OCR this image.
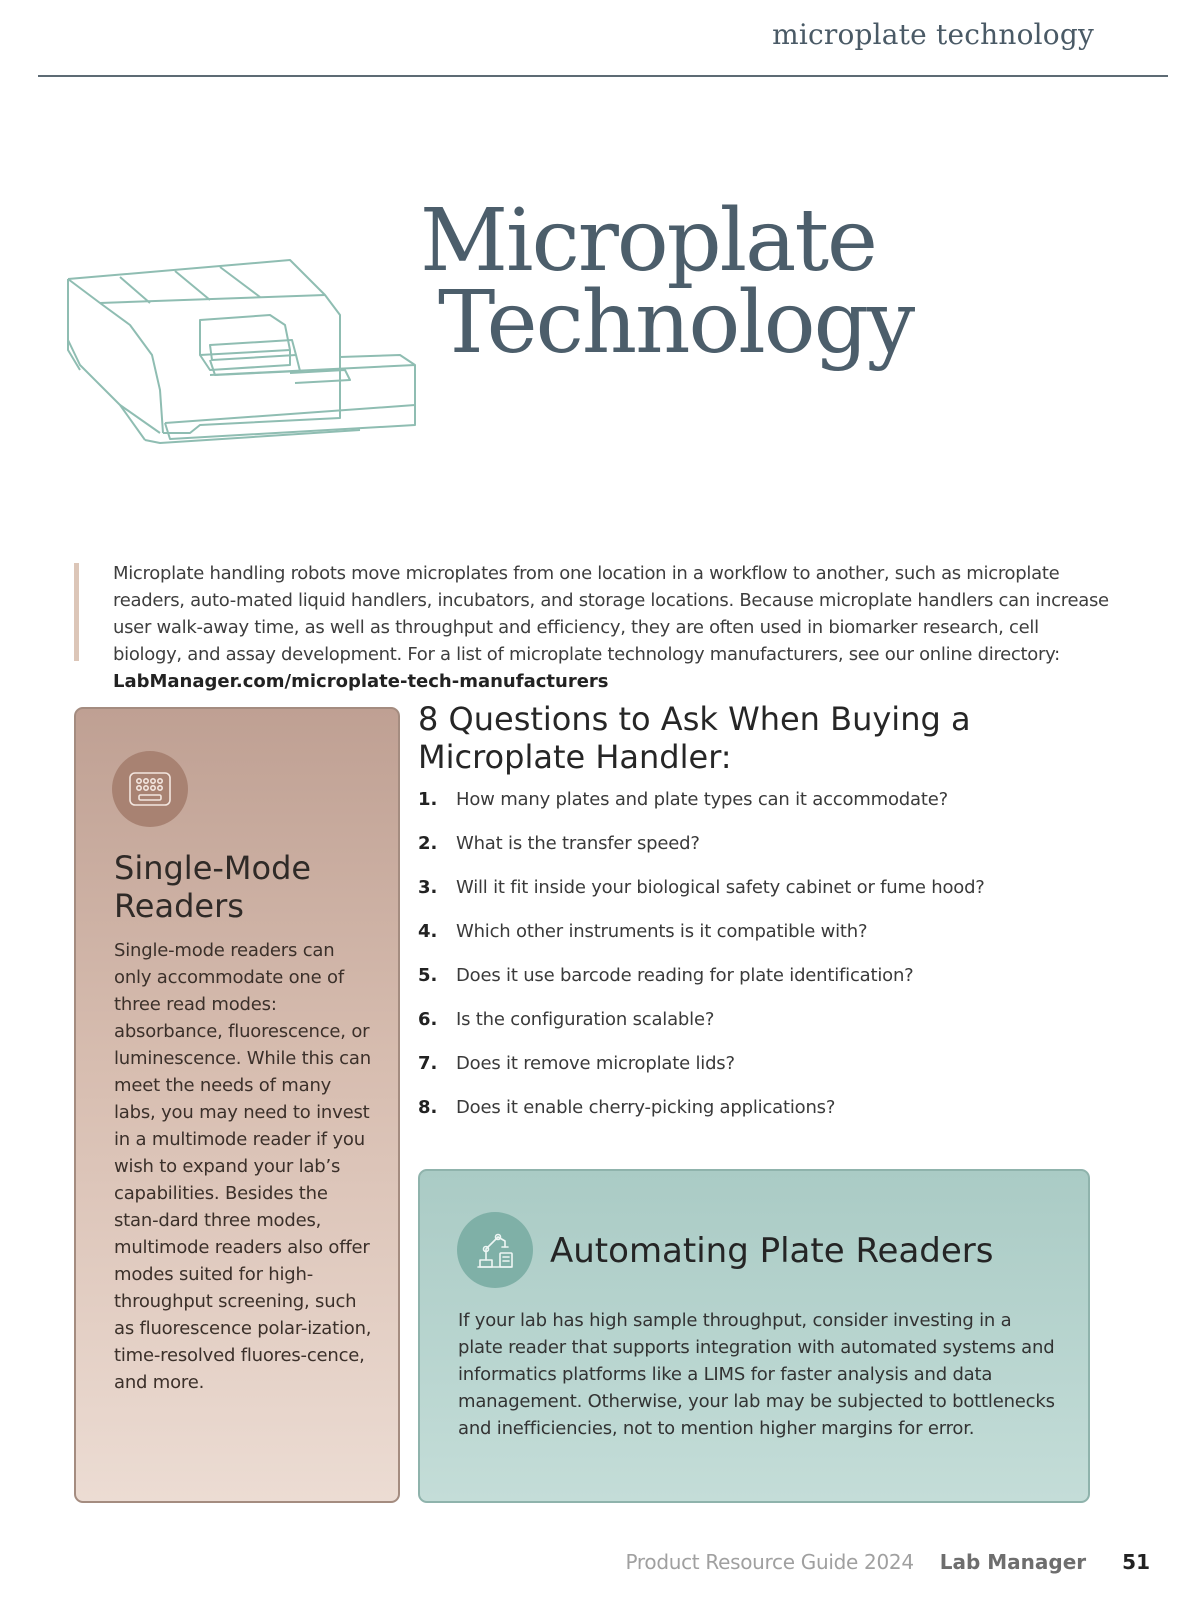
microplate technology
Microplate
Technology

Microplate handling robots move microplates from one location in a workflow to another, such as microplate readers, auto-mated liquid handlers, incubators, and storage locations. Because microplate handlers can increase user walk-away time, as well as throughput and efficiency, they are often used in biomarker research, cell biology, and assay development. For a list of microplate technology manufacturers, see our online directory: LabManager.com/microplate-tech-manufacturers

Single-Mode Readers

Single-mode readers can only accommodate one of three read modes: absorbance, fluorescence, or luminescence. While this can meet the needs of many labs, you may need to invest in a multimode reader if you wish to expand your lab’s capabilities. Besides the stan-dard three modes, multimode readers also offer modes suited for high-throughput screening, such as fluorescence polar-ization, time-resolved fluores-cence, and more.

8 Questions to Ask When Buying a Microplate Handler:
1.	How many plates and plate types can it accommodate?
2.	What is the transfer speed?
3.	Will it fit inside your biological safety cabinet or fume hood?
4.	Which other instruments is it compatible with?
5.	Does it use barcode reading for plate identification?
6.	Is the configuration scalable?
7.	Does it remove microplate lids?
8.	Does it enable cherry-picking applications?
Automating Plate Readers

If your lab has high sample throughput, consider investing in a plate reader that supports integration with automated systems and informatics platforms like a LIMS for faster analysis and data management. Otherwise, your lab may be subjected to bottlenecks and inefficiencies, not to mention higher margins for error.

Product Resource Guide 2024 Lab Manager 51
